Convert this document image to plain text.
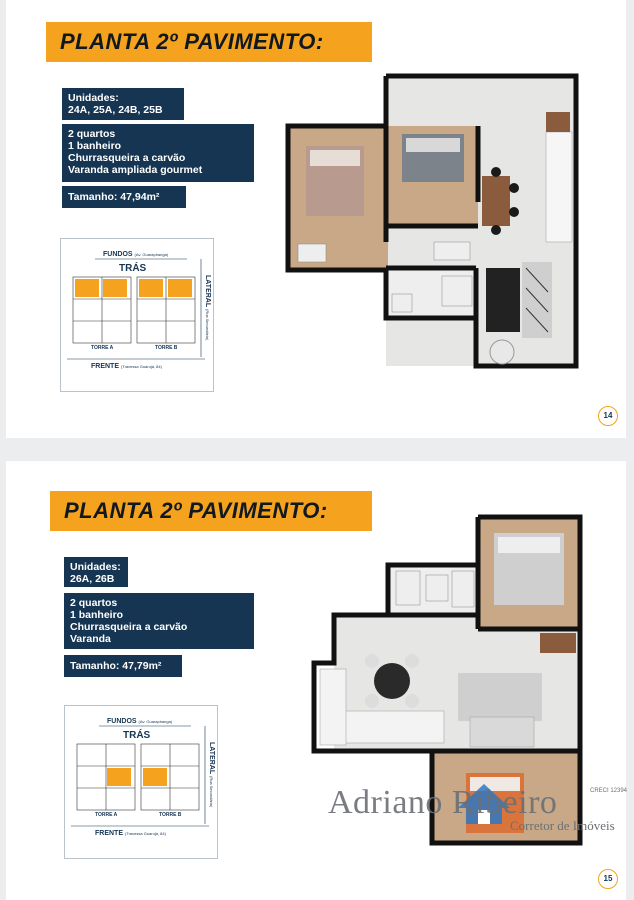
PLANTA 2º PAVIMENTO:
Unidades:
24A, 25A, 24B, 25B
2 quartos
1 banheiro
Churrasqueira a carvão
Varanda ampliada gourmet
Tamanho: 47,94m²
FUNDOS (Av. Guarapiranga)
TRÁS
TORRE A	TORRE B
FRENTE (Travessa Guarujá, 84)
LATERAL (Rua Secundária)
14
PLANTA 2º PAVIMENTO:
Unidades:
26A, 26B
2 quartos
1 banheiro
Churrasqueira a carvão
Varanda
Tamanho: 47,79m²
FUNDOS (Av. Guarapiranga)
TRÁS
TORRE A	TORRE B
FRENTE (Travessa Guarujá, 84)
LATERAL (Rua Secundária)
15
Adriano Ribeiro	CRECI 12394
Corretor de Imóveis
